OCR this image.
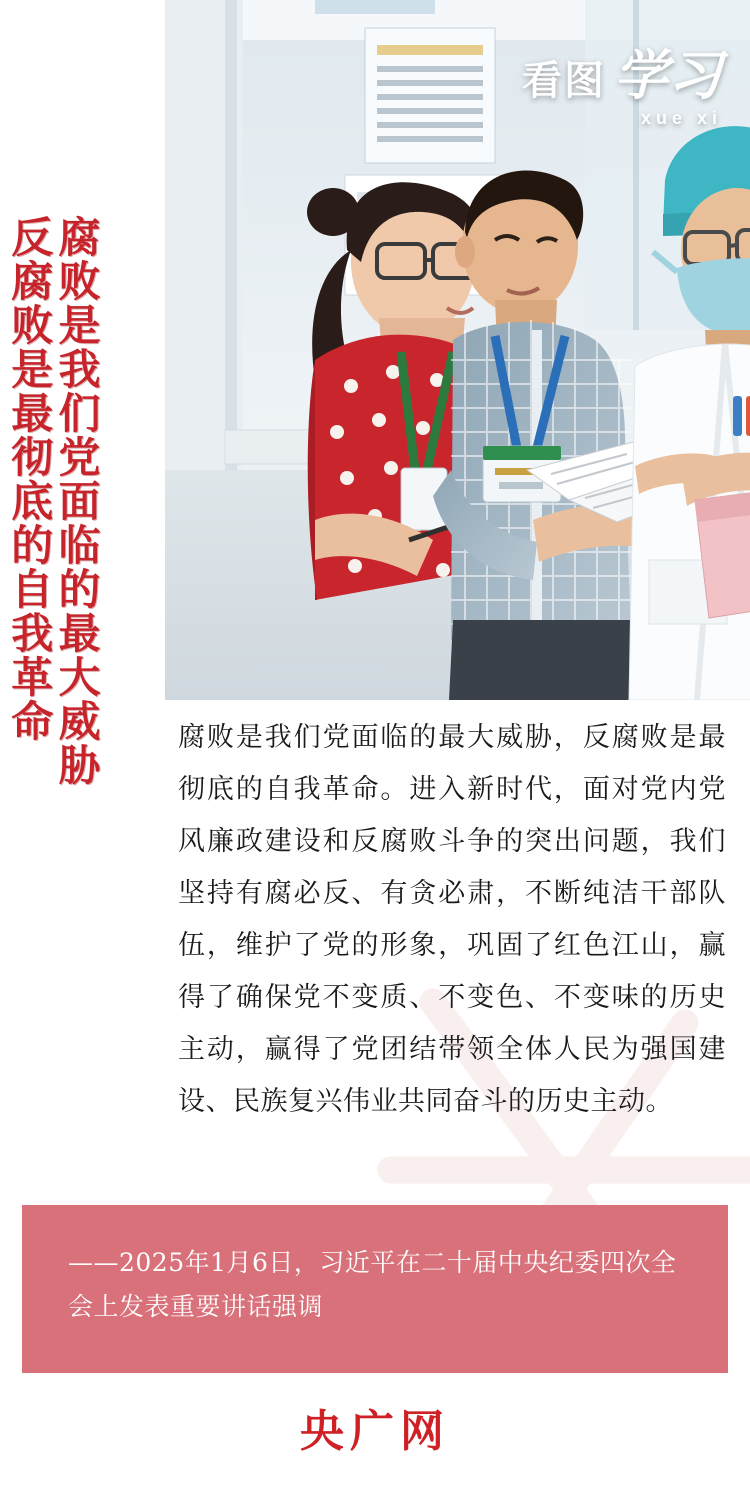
看图 学习
xue xi
腐败是我们党面临的最大威胁
反腐败是最彻底的自我革命	腐败是我们党面临的最大威胁，反腐败是最彻底的自我革命。进入新时代，面对党内党风廉政建设和反腐败斗争的突出问题，我们坚持有腐必反、有贪必肃，不断纯洁干部队伍，维护了党的形象，巩固了红色江山，赢得了确保党不变质、不变色、不变味的历史主动，赢得了党团结带领全体人民为强国建设、民族复兴伟业共同奋斗的历史主动。
——2025年1月6日，习近平在二十届中央纪委四次全会上发表重要讲话强调
央广网
